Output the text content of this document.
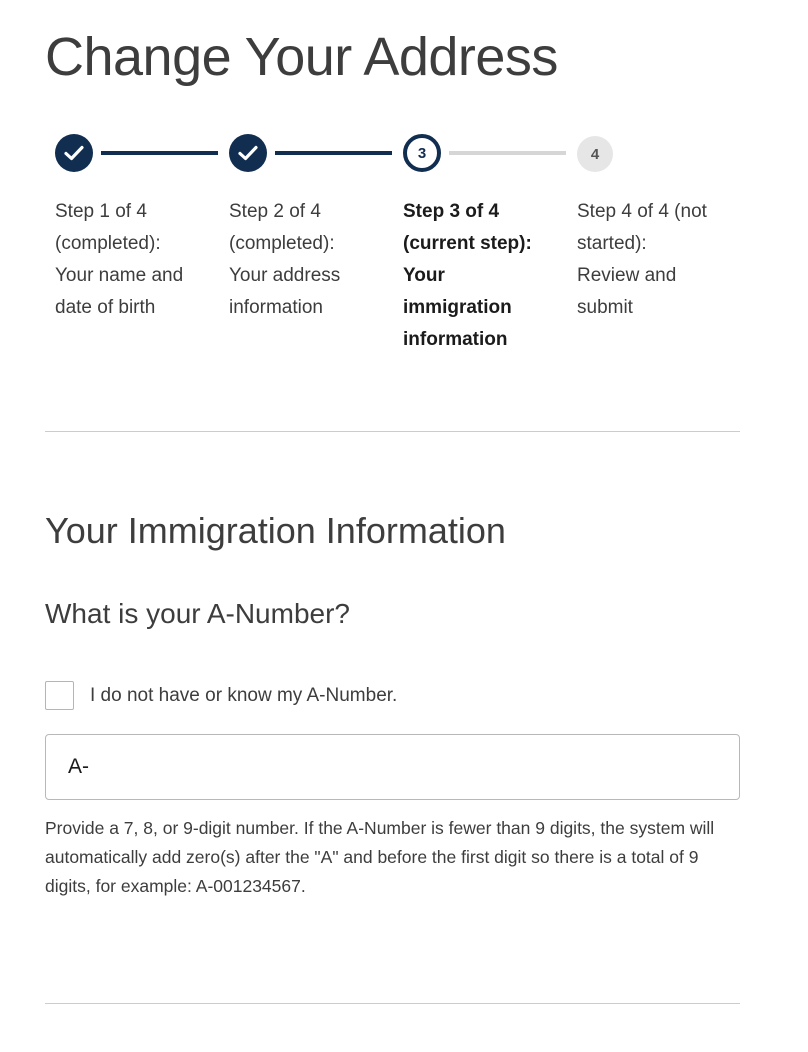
Change Your Address
3	4
Step 1 of 4
(completed):
Your name and
date of birth
Step 2 of 4
(completed):
Your address
information
Step 3 of 4
(current step):
Your
immigration
information
Step 4 of 4 (not
started):
Review and
submit
Your Immigration Information
What is your A-Number?
I do not have or know my A-Number.
A-

Provide a 7, 8, or 9-digit number. If the A-Number is fewer than 9 digits, the system will automatically add zero(s) after the "A" and before the first digit so there is a total of 9 digits, for example: A-001234567.
